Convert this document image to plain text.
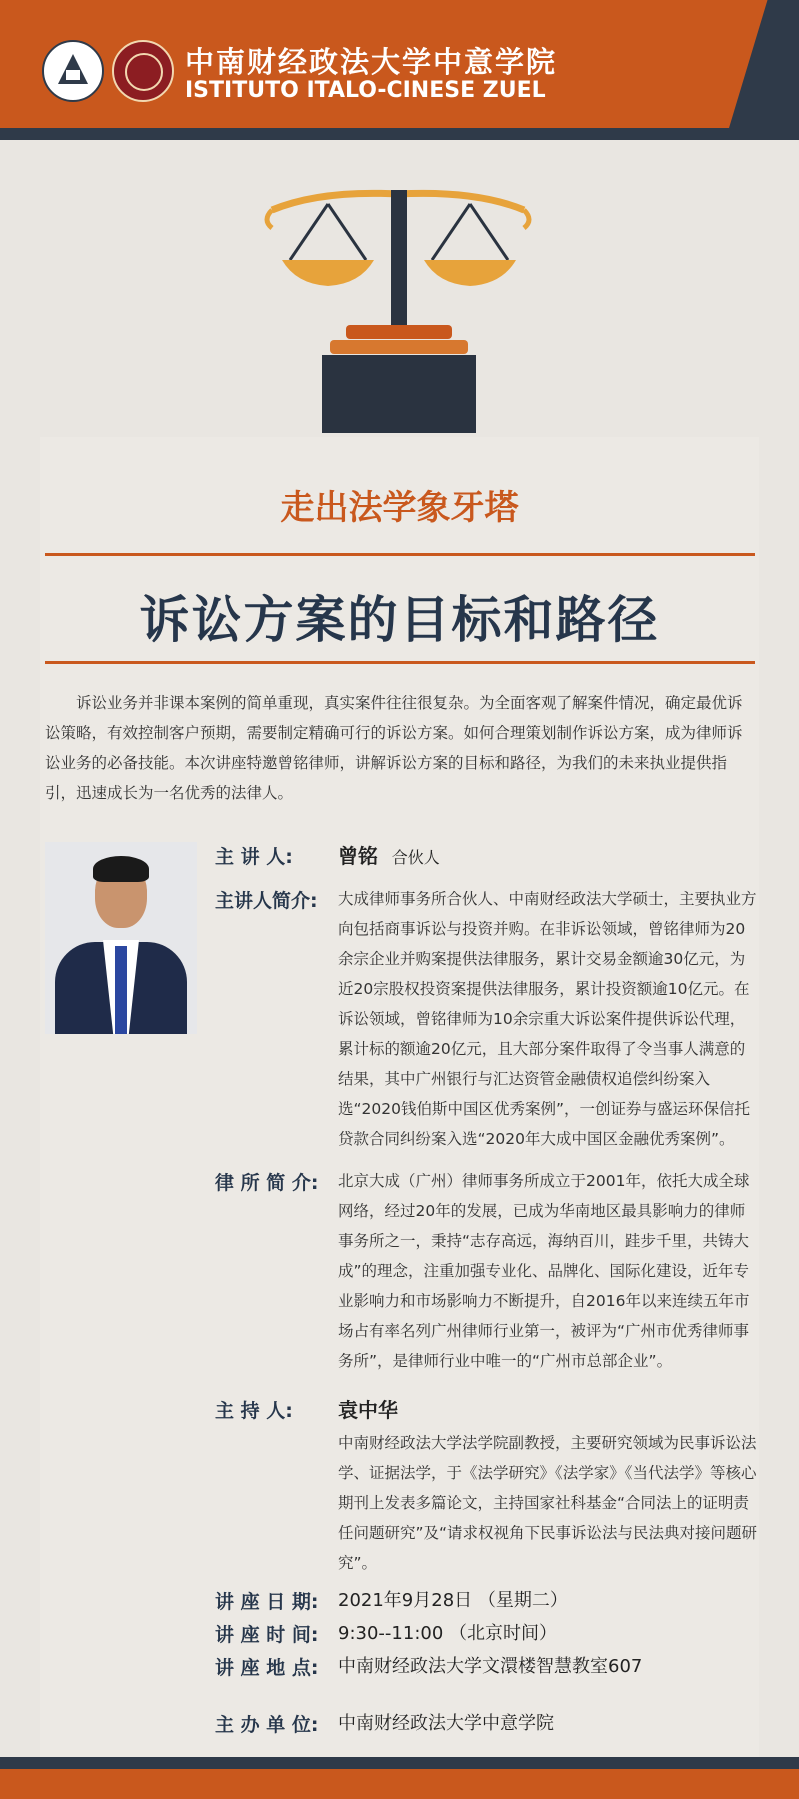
中南财经政法大学中意学院
ISTITUTO ITALO-CINESE ZUEL
走出法学象牙塔
诉讼方案的目标和路径
诉讼业务并非课本案例的简单重现，真实案件往往很复杂。为全面客观了解案件情况，确定最优诉讼策略，有效控制客户预期，需要制定精确可行的诉讼方案。如何合理策划制作诉讼方案，成为律师诉讼业务的必备技能。本次讲座特邀曾铭律师，讲解诉讼方案的目标和路径，为我们的未来执业提供指引，迅速成长为一名优秀的法律人。
主 讲 人:	曾铭 合伙人
主讲人简介:	大成律师事务所合伙人、中南财经政法大学硕士，主要执业方向包括商事诉讼与投资并购。在非诉讼领域，曾铭律师为20余宗企业并购案提供法律服务，累计交易金额逾30亿元，为近20宗股权投资案提供法律服务，累计投资额逾10亿元。在诉讼领域，曾铭律师为10余宗重大诉讼案件提供诉讼代理，累计标的额逾20亿元，且大部分案件取得了令当事人满意的结果，其中广州银行与汇达资管金融债权追偿纠纷案入选“2020钱伯斯中国区优秀案例”，一创证券与盛运环保信托贷款合同纠纷案入选“2020年大成中国区金融优秀案例”。
律 所 简 介:	北京大成（广州）律师事务所成立于2001年，依托大成全球网络，经过20年的发展，已成为华南地区最具影响力的律师事务所之一，秉持“志存高远，海纳百川，跬步千里，共铸大成”的理念，注重加强专业化、品牌化、国际化建设，近年专业影响力和市场影响力不断提升，自2016年以来连续五年市场占有率名列广州律师行业第一，被评为“广州市优秀律师事务所”，是律师行业中唯一的“广州市总部企业”。
主 持 人:	袁中华
中南财经政法大学法学院副教授，主要研究领域为民事诉讼法学、证据法学，于《法学研究》《法学家》《当代法学》等核心期刊上发表多篇论文，主持国家社科基金“合同法上的证明责任问题研究”及“请求权视角下民事诉讼法与民法典对接问题研究”。
讲 座 日 期:	2021年9月28日 （星期二）
讲 座 时 间:	9:30--11:00 （北京时间）
讲 座 地 点:	中南财经政法大学文澴楼智慧教室607
主 办 单 位:	中南财经政法大学中意学院
